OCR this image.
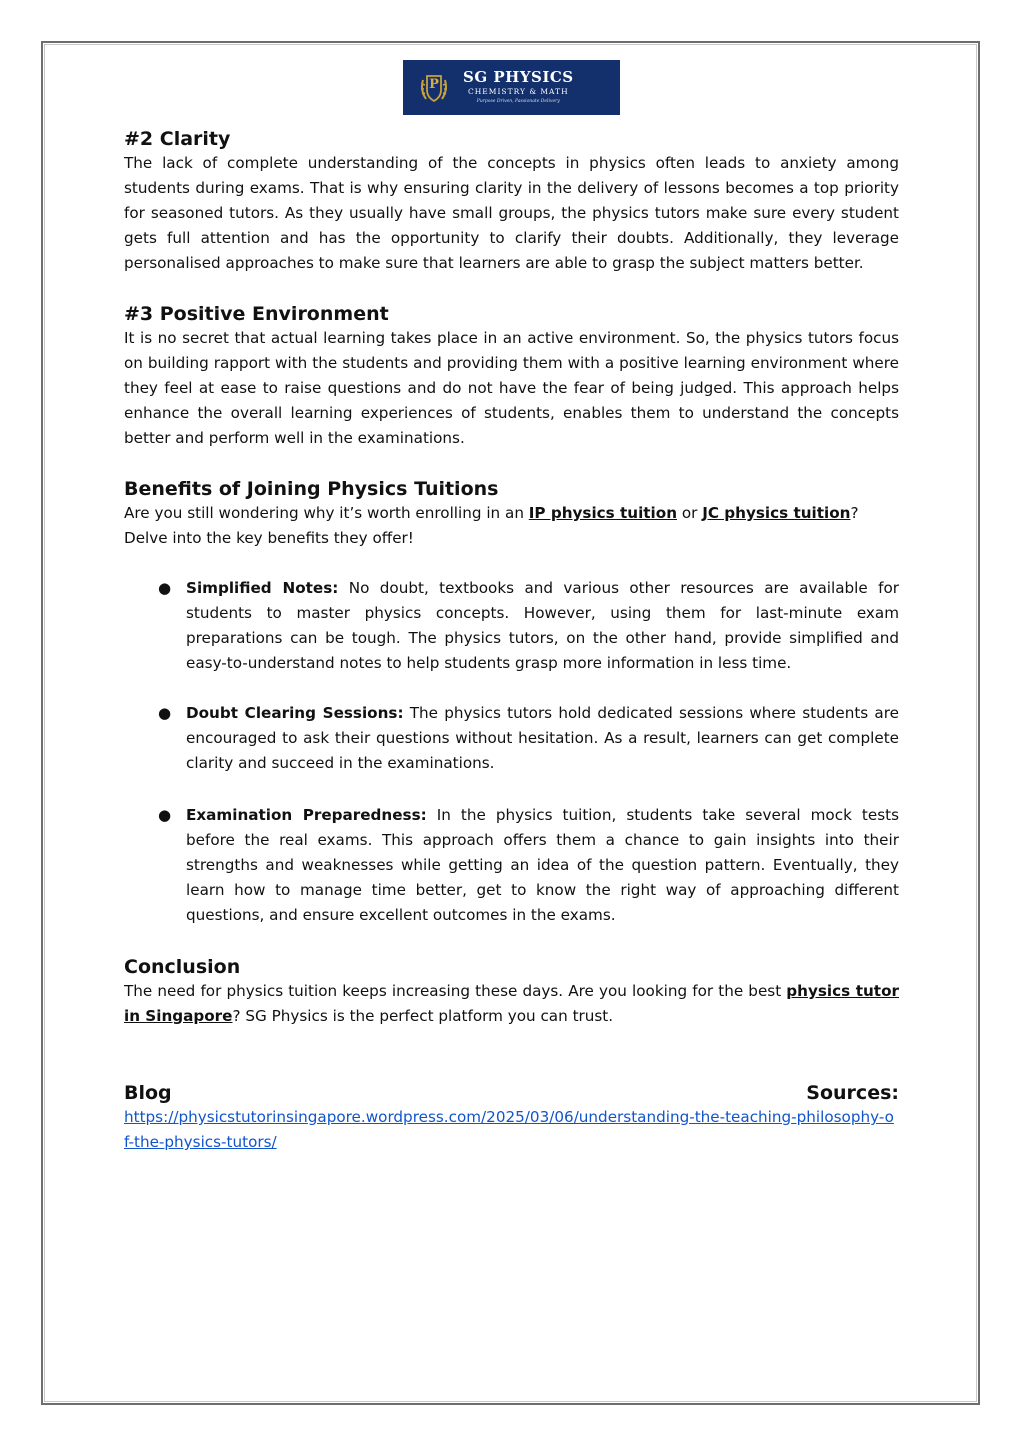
P	SG PHYSICS
CHEMISTRY & MATH
Purpose Driven, Passionate Delivery
#2 Clarity

The lack of complete understanding of the concepts in physics often leads to anxiety among students during exams. That is why ensuring clarity in the delivery of lessons becomes a top priority for seasoned tutors. As they usually have small groups, the physics tutors make sure every student gets full attention and has the opportunity to clarify their doubts. Additionally, they leverage personalised approaches to make sure that learners are able to grasp the subject matters better.

#3 Positive Environment

It is no secret that actual learning takes place in an active environment. So, the physics tutors focus on building rapport with the students and providing them with a positive learning environment where they feel at ease to raise questions and do not have the fear of being judged. This approach helps enhance the overall learning experiences of students, enables them to understand the concepts better and perform well in the examinations.

Benefits of Joining Physics Tuitions

Are you still wondering why it’s worth enrolling in an IP physics tuition or JC physics tuition? Delve into the key benefits they offer!

● Simplified Notes: No doubt, textbooks and various other resources are available for students to master physics concepts. However, using them for last-minute exam preparations can be tough. The physics tutors, on the other hand, provide simplified and easy-to-understand notes to help students grasp more information in less time.
● Doubt Clearing Sessions: The physics tutors hold dedicated sessions where students are encouraged to ask their questions without hesitation. As a result, learners can get complete clarity and succeed in the examinations.
● Examination Preparedness: In the physics tuition, students take several mock tests before the real exams. This approach offers them a chance to gain insights into their strengths and weaknesses while getting an idea of the question pattern. Eventually, they learn how to manage time better, get to know the right way of approaching different questions, and ensure excellent outcomes in the exams.
Conclusion

The need for physics tuition keeps increasing these days. Are you looking for the best physics tutor in Singapore? SG Physics is the perfect platform you can trust.

Blog	Sources:

https://physicstutorinsingapore.wordpress.com/2025/03/06/understanding-the-teaching-philosophy-of-the-physics-tutors/
